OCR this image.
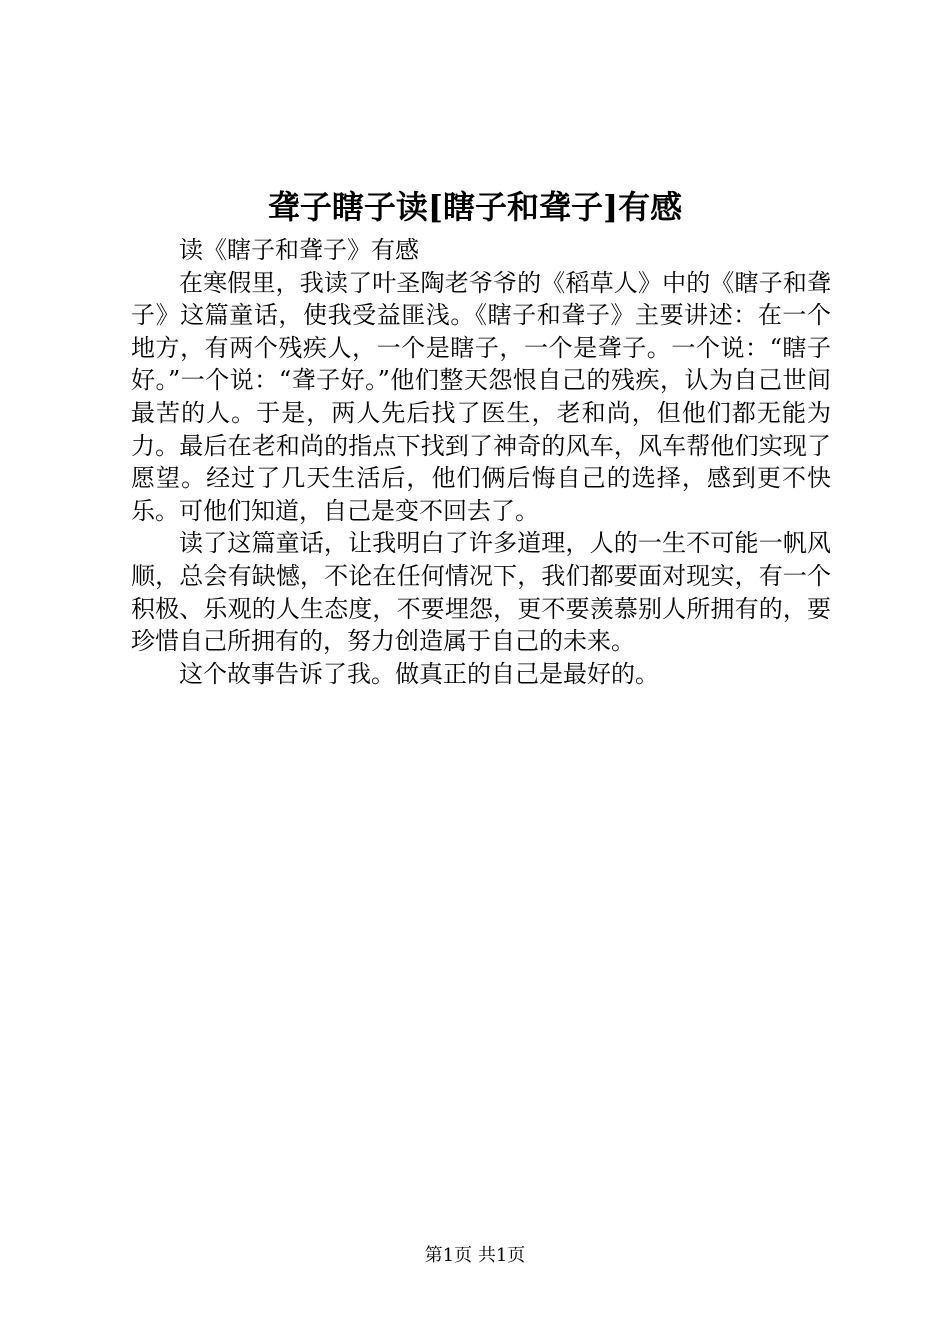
聋子瞎子读[瞎子和聋子]有感

读《瞎子和聋子》有感

在寒假里，我读了叶圣陶老爷爷的《稻草人》中的《瞎子和聋子》这篇童话，使我受益匪浅。《瞎子和聋子》主要讲述：在一个地方，有两个残疾人，一个是瞎子，一个是聋子。一个说：“瞎子好。”一个说：“聋子好。”他们整天怨恨自己的残疾，认为自己世间最苦的人。于是，两人先后找了医生，老和尚，但他们都无能为力。最后在老和尚的指点下找到了神奇的风车，风车帮他们实现了愿望。经过了几天生活后，他们俩后悔自己的选择，感到更不快乐。可他们知道，自己是变不回去了。

读了这篇童话，让我明白了许多道理，人的一生不可能一帆风顺，总会有缺憾，不论在任何情况下，我们都要面对现实，有一个积极、乐观的人生态度，不要埋怨，更不要羡慕别人所拥有的，要珍惜自己所拥有的，努力创造属于自己的未来。

这个故事告诉了我。做真正的自己是最好的。

第1页 共1页
